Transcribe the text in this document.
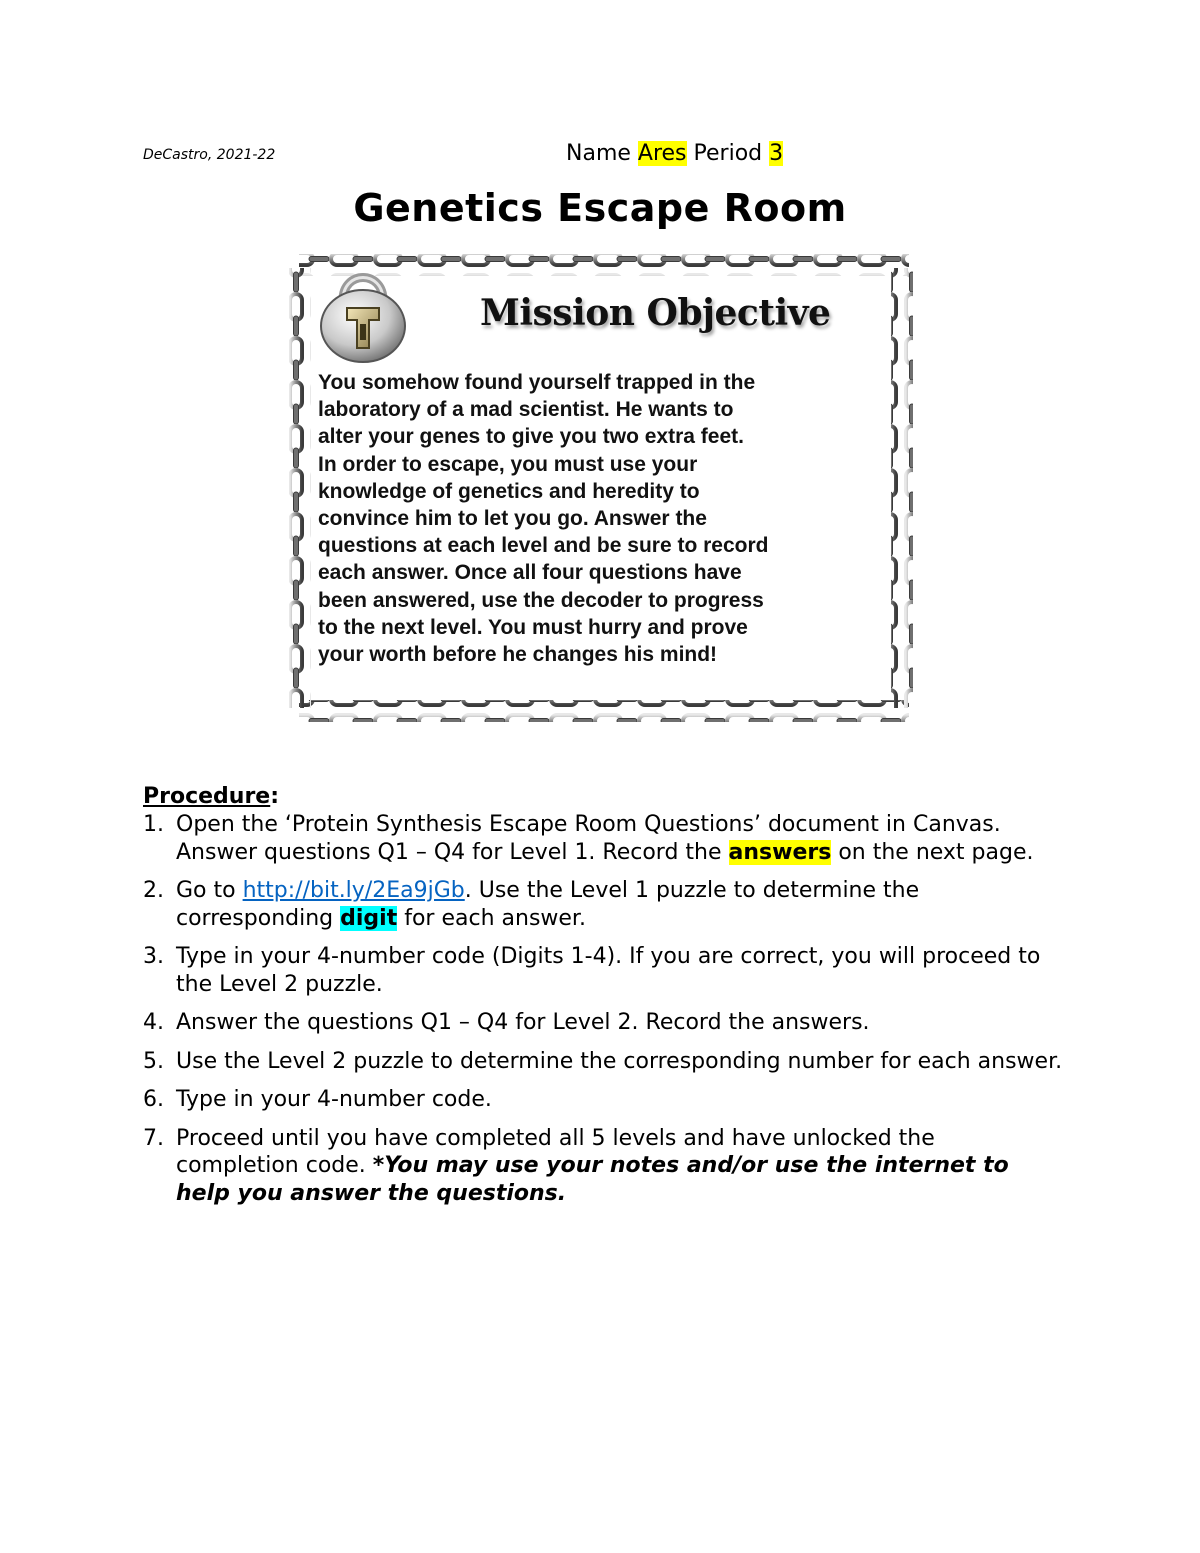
DeCastro, 2021-22	Name Ares Period 3
Genetics Escape Room
Mission Objective
You somehow found yourself trapped in the
laboratory of a mad scientist. He wants to
alter your genes to give you two extra feet.
In order to escape, you must use your
knowledge of genetics and heredity to
convince him to let you go. Answer the
questions at each level and be sure to record
each answer. Once all four questions have
been answered, use the decoder to progress
to the next level. You must hurry and prove
your worth before he changes his mind!
Procedure:
1. Open the ‘Protein Synthesis Escape Room Questions’ document in Canvas. Answer questions Q1 – Q4 for Level 1. Record the answers on the next page.
2. Go to http://bit.ly/2Ea9jGb. Use the Level 1 puzzle to determine the corresponding digit for each answer.
3. Type in your 4-number code (Digits 1-4). If you are correct, you will proceed to the Level 2 puzzle.
4. Answer the questions Q1 – Q4 for Level 2. Record the answers.
5. Use the Level 2 puzzle to determine the corresponding number for each answer.
6. Type in your 4-number code.
7. Proceed until you have completed all 5 levels and have unlocked the completion code. *You may use your notes and/or use the internet to help you answer the questions.
